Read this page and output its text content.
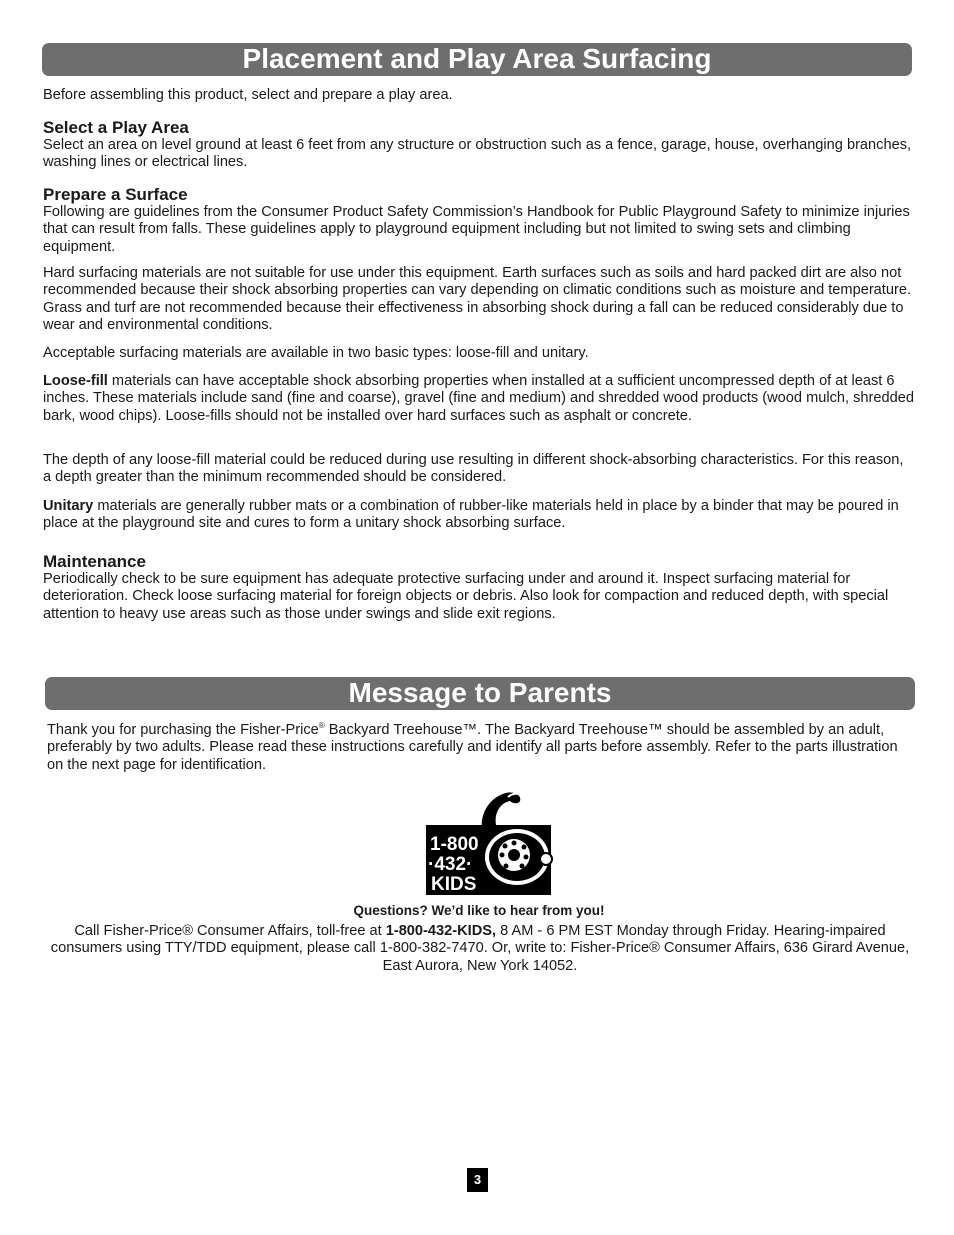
Placement and Play Area Surfacing

Before assembling this product, select and prepare a play area.

Select a Play Area

Select an area on level ground at least 6 feet from any structure or obstruction such as a fence, garage, house, overhanging branches, washing lines or electrical lines.

Prepare a Surface

Following are guidelines from the Consumer Product Safety Commission’s Handbook for Public Playground Safety to minimize injuries that can result from falls. These guidelines apply to playground equipment including but not limited to swing sets and climbing equipment.

Hard surfacing materials are not suitable for use under this equipment. Earth surfaces such as soils and hard packed dirt are also not recommended because their shock absorbing properties can vary depending on climatic conditions such as moisture and temperature. Grass and turf are not recommended because their effectiveness in absorbing shock during a fall can be reduced considerably due to wear and environmental conditions.

Acceptable surfacing materials are available in two basic types: loose-fill and unitary.

Loose-fill materials can have acceptable shock absorbing properties when installed at a sufficient uncompressed depth of at least 6 inches. These materials include sand (fine and coarse), gravel (fine and medium) and shredded wood products (wood mulch, shredded bark, wood chips). Loose-fills should not be installed over hard surfaces such as asphalt or concrete.

The depth of any loose-fill material could be reduced during use resulting in different shock-absorbing characteristics. For this reason, a depth greater than the minimum recommended should be considered.

Unitary materials are generally rubber mats or a combination of rubber-like materials held in place by a binder that may be poured in place at the playground site and cures to form a unitary shock absorbing surface.

Maintenance

Periodically check to be sure equipment has adequate protective surfacing under and around it. Inspect surfacing material for deterioration. Check loose surfacing material for foreign objects or debris. Also look for compaction and reduced depth, with special attention to heavy use areas such as those under swings and slide exit regions.

Message to Parents

Thank you for purchasing the Fisher-Price® Backyard Treehouse™. The Backyard Treehouse™ should be assembled by an adult, preferably by two adults. Please read these instructions carefully and identify all parts before assembly. Refer to the parts illustration on the next page for identification.

1-800
·432·
KIDS

Questions? We’d like to hear from you!

Call Fisher-Price® Consumer Affairs, toll-free at 1-800-432-KIDS, 8 AM - 6 PM EST Monday through Friday. Hearing-impaired consumers using TTY/TDD equipment, please call 1-800-382-7470. Or, write to: Fisher-Price® Consumer Affairs, 636 Girard Avenue, East Aurora, New York 14052.

3
